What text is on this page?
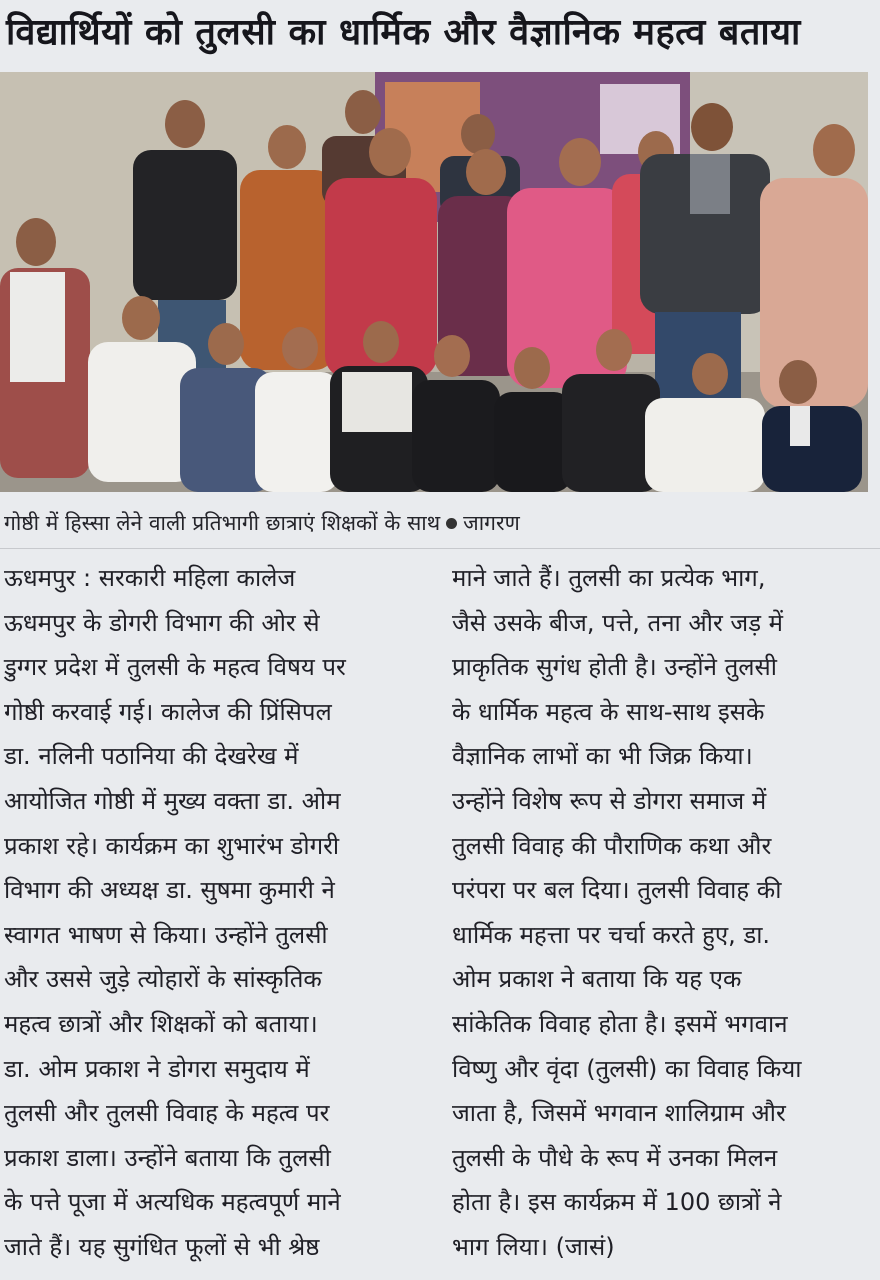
विद्यार्थियों को तुलसी का धार्मिक और वैज्ञानिक महत्व बताया
गोष्ठी में हिस्सा लेने वाली प्रतिभागी छात्राएं शिक्षकों के साथ जागरण

ऊधमपुर : सरकारी महिला कालेज

ऊधमपुर के डोगरी विभाग की ओर से

डुग्गर प्रदेश में तुलसी के महत्व विषय पर

गोष्ठी करवाई गई। कालेज की प्रिंसिपल

डा. नलिनी पठानिया की देखरेख में

आयोजित गोष्ठी में मुख्य वक्ता डा. ओम

प्रकाश रहे। कार्यक्रम का शुभारंभ डोगरी

विभाग की अध्यक्ष डा. सुषमा कुमारी ने

स्वागत भाषण से किया। उन्होंने तुलसी

और उससे जुड़े त्योहारों के सांस्कृतिक

महत्व छात्रों और शिक्षकों को बताया।

डा. ओम प्रकाश ने डोगरा समुदाय में

तुलसी और तुलसी विवाह के महत्व पर

प्रकाश डाला। उन्होंने बताया कि तुलसी

के पत्ते पूजा में अत्यधिक महत्वपूर्ण माने

जाते हैं। यह सुगंधित फूलों से भी श्रेष्ठ

माने जाते हैं। तुलसी का प्रत्येक भाग,

जैसे उसके बीज, पत्ते, तना और जड़ में

प्राकृतिक सुगंध होती है। उन्होंने तुलसी

के धार्मिक महत्व के साथ-साथ इसके

वैज्ञानिक लाभों का भी जिक्र किया।

उन्होंने विशेष रूप से डोगरा समाज में

तुलसी विवाह की पौराणिक कथा और

परंपरा पर बल दिया। तुलसी विवाह की

धार्मिक महत्ता पर चर्चा करते हुए, डा.

ओम प्रकाश ने बताया कि यह एक

सांकेतिक विवाह होता है। इसमें भगवान

विष्णु और वृंदा (तुलसी) का विवाह किया

जाता है, जिसमें भगवान शालिग्राम और

तुलसी के पौधे के रूप में उनका मिलन

होता है। इस कार्यक्रम में 100 छात्रों ने

भाग लिया। (जासं)
